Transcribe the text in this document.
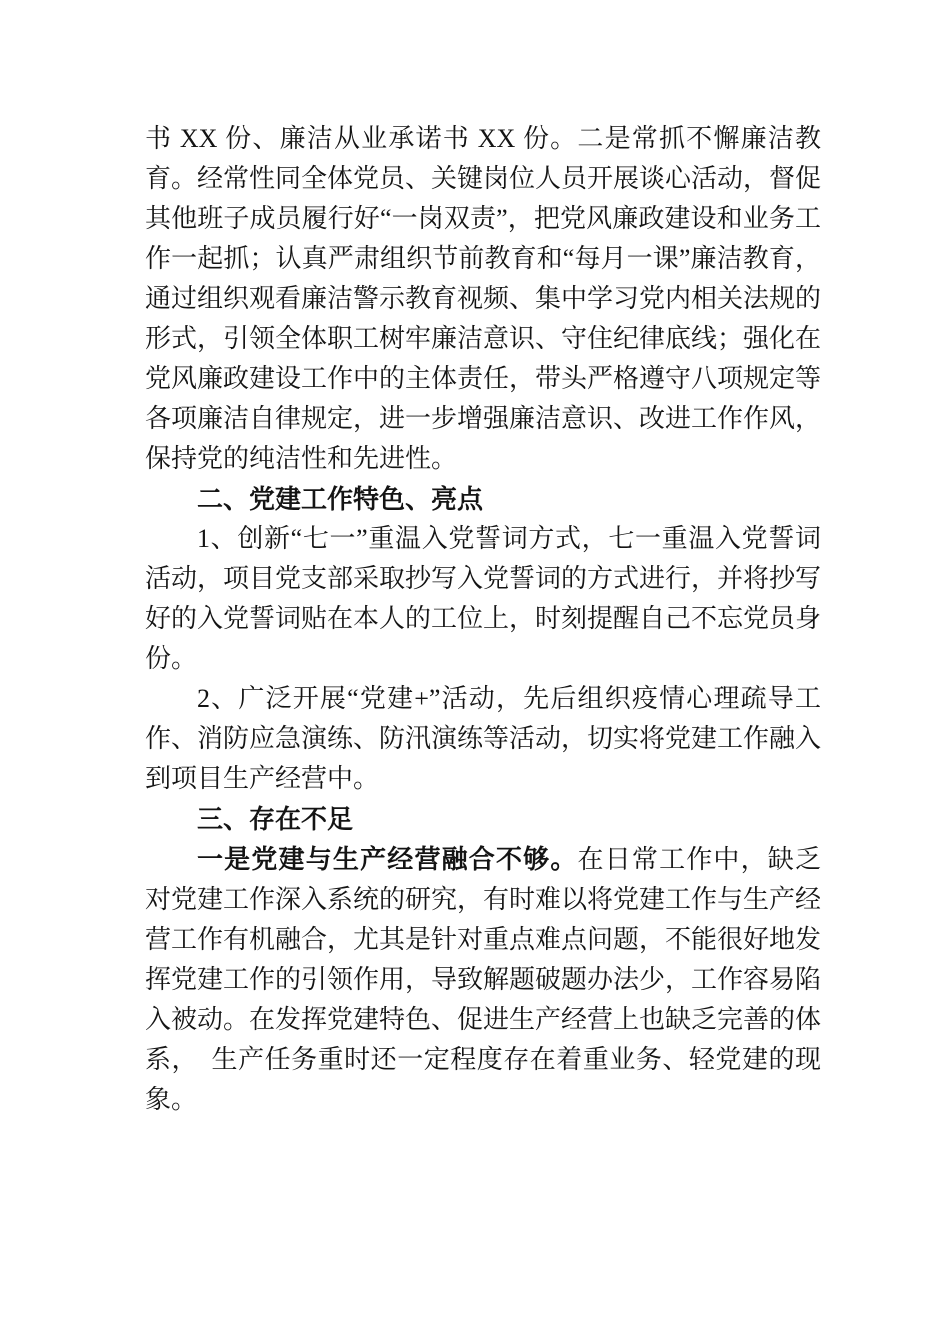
书 XX 份、廉洁从业承诺书 XX 份。二是常抓不懈廉洁教育。经常性同全体党员、关键岗位人员开展谈心活动，督促其他班子成员履行好“一岗双责”，把党风廉政建设和业务工作一起抓；认真严肃组织节前教育和“每月一课”廉洁教育，通过组织观看廉洁警示教育视频、集中学习党内相关法规的形式，引领全体职工树牢廉洁意识、守住纪律底线；强化在党风廉政建设工作中的主体责任，带头严格遵守八项规定等各项廉洁自律规定，进一步增强廉洁意识、改进工作作风，保持党的纯洁性和先进性。

二、党建工作特色、亮点

1、创新“七一”重温入党誓词方式，七一重温入党誓词活动，项目党支部采取抄写入党誓词的方式进行，并将抄写好的入党誓词贴在本人的工位上，时刻提醒自己不忘党员身份。

2、广泛开展“党建+”活动，先后组织疫情心理疏导工作、消防应急演练、防汛演练等活动，切实将党建工作融入到项目生产经营中。

三、存在不足

一是党建与生产经营融合不够。在日常工作中，缺乏对党建工作深入系统的研究，有时难以将党建工作与生产经营工作有机融合，尤其是针对重点难点问题，不能很好地发挥党建工作的引领作用，导致解题破题办法少，工作容易陷入被动。在发挥党建特色、促进生产经营上也缺乏完善的体系，　生产任务重时还一定程度存在着重业务、轻党建的现象。
